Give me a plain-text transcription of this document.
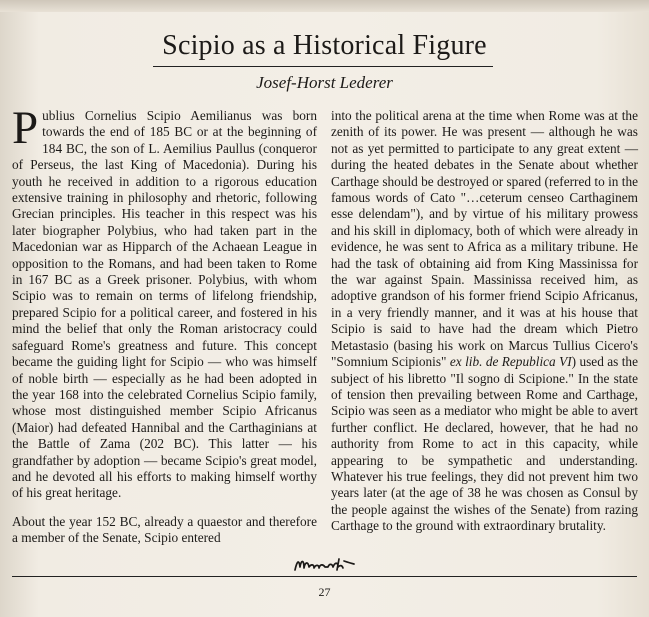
Scipio as a Historical Figure
Josef-Horst Lederer

Publius Cornelius Scipio Aemilianus was born towards the end of 185 BC or at the beginning of 184 BC, the son of L. Aemilius Paullus (conqueror of Perseus, the last King of Macedonia). During his youth he received in addition to a rigorous education extensive training in philosophy and rhetoric, following Grecian principles. His teacher in this respect was his later biographer Polybius, who had taken part in the Macedonian war as Hipparch of the Achaean League in opposition to the Romans, and had been taken to Rome in 167 BC as a Greek prisoner. Polybius, with whom Scipio was to remain on terms of lifelong friendship, prepared Scipio for a political career, and fostered in his mind the belief that only the Roman aristocracy could safeguard Rome's greatness and future. This concept became the guiding light for Scipio — who was himself of noble birth — especially as he had been adopted in the year 168 into the celebrated Cornelius Scipio family, whose most distinguished member Scipio Africanus (Maior) had defeated Hannibal and the Carthaginians at the Battle of Zama (202 BC). This latter — his grandfather by adoption — became Scipio's great model, and he devoted all his efforts to making himself worthy of his great heritage.

About the year 152 BC, already a quaestor and therefore a member of the Senate, Scipio entered

into the political arena at the time when Rome was at the zenith of its power. He was present — although he was not as yet permitted to participate to any great extent — during the heated debates in the Senate about whether Carthage should be destroyed or spared (referred to in the famous words of Cato "…ceterum censeo Carthaginem esse delendam"), and by virtue of his military prowess and his skill in diplomacy, both of which were already in evidence, he was sent to Africa as a military tribune. He had the task of obtaining aid from King Massinissa for the war against Spain. Massinissa received him, as adoptive grandson of his former friend Scipio Africanus, in a very friendly manner, and it was at his house that Scipio is said to have had the dream which Pietro Metastasio (basing his work on Marcus Tullius Cicero's "Somnium Scipionis" ex lib. de Republica VI) used as the subject of his libretto "Il sogno di Scipione." In the state of tension then prevailing between Rome and Carthage, Scipio was seen as a mediator who might be able to avert further conflict. He declared, however, that he had no authority from Rome to act in this capacity, while appearing to be sympathetic and understanding. Whatever his true feelings, they did not prevent him two years later (at the age of 38 he was chosen as Consul by the people against the wishes of the Senate) from razing Carthage to the ground with extraordinary brutality.

27
